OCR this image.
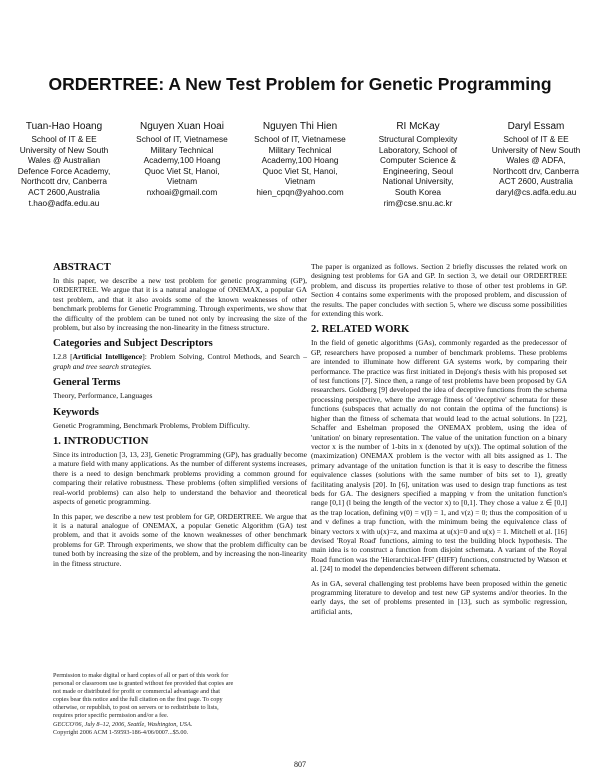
ORDERTREE: A New Test Problem for Genetic Programming
Tuan-Hao Hoang
School of IT & EE
University of New South
Wales @ Australian
Defence Force Academy,
Northcott drv, Canberra
ACT 2600,Australia
t.hao@adfa.edu.au
Nguyen Xuan Hoai
School of IT, Vietnamese
Military Technical
Academy,100 Hoang
Quoc Viet St, Hanoi,
Vietnam
nxhoai@gmail.com
Nguyen Thi Hien
School of IT, Vietnamese
Military Technical
Academy,100 Hoang
Quoc Viet St, Hanoi,
Vietnam
hien_cpqn@yahoo.com
RI McKay
Structural Complexity
Laboratory, School of
Computer Science &
Engineering, Seoul
National University,
South Korea
rim@cse.snu.ac.kr
Daryl Essam
School of IT & EE
University of New South
Wales @ ADFA,
Northcott drv, Canberra
ACT 2600, Australia
daryl@cs.adfa.edu.au
ABSTRACT

In this paper, we describe a new test problem for genetic programming (GP), ORDERTREE. We argue that it is a natural analogue of ONEMAX, a popular GA test problem, and that it also avoids some of the known weaknesses of other benchmark problems for Genetic Programming. Through experiments, we show that the difficulty of the problem can be tuned not only by increasing the size of the problem, but also by increasing the non-linearity in the fitness structure.

Categories and Subject Descriptors

I.2.8 [Artificial Intelligence]: Problem Solving, Control Methods, and Search – graph and tree search strategies.

General Terms

Theory, Performance, Languages

Keywords

Genetic Programming, Benchmark Problems, Problem Difficulty.

1. INTRODUCTION

Since its introduction [3, 13, 23], Genetic Programming (GP), has gradually become a mature field with many applications. As the number of different systems increases, there is a need to design benchmark problems providing a common ground for comparing their relative robustness. These problems (often simplified versions of real-world problems) can also help to understand the behavior and theoretical aspects of genetic programming.

In this paper, we describe a new test problem for GP, ORDERTREE. We argue that it is a natural analogue of ONEMAX, a popular Genetic Algorithm (GA) test problem, and that it avoids some of the known weaknesses of other benchmark problems for GP. Through experiments, we show that the problem difficulty can be tuned both by increasing the size of the problem, and by increasing the non-linearity in the fitness structure.

Permission to make digital or hard copies of all or part of this work for
personal or classroom use is granted without fee provided that copies are
not made or distributed for profit or commercial advantage and that
copies bear this notice and the full citation on the first page. To copy
otherwise, or republish, to post on servers or to redistribute to lists,
requires prior specific permission and/or a fee.
GECCO'06, July 8–12, 2006, Seattle, Washington, USA.
Copyright 2006 ACM 1-59593-186-4/06/0007...$5.00.

The paper is organized as follows. Section 2 briefly discusses the related work on designing test problems for GA and GP. In section 3, we detail our ORDERTREE problem, and discuss its properties relative to those of other test problems in GP. Section 4 contains some experiments with the proposed problem, and discussion of the results. The paper concludes with section 5, where we discuss some possibilities for extending this work.

2. RELATED WORK

In the field of genetic algorithms (GAs), commonly regarded as the predecessor of GP, researchers have proposed a number of benchmark problems. These problems are intended to illuminate how different GA systems work, by comparing their performance. The practice was first initiated in Dejong's thesis with his proposed set of test functions [7]. Since then, a range of test problems have been proposed by GA researchers. Goldberg [9] developed the idea of deceptive functions from the schema processing perspective, where the average fitness of 'deceptive' schemata for these functions (subspaces that actually do not contain the optima of the functions) is higher than the fitness of schemata that would lead to the actual solutions. In [22], Schaffer and Eshelman proposed the ONEMAX problem, using the idea of 'unitation' on binary representation. The value of the unitation function on a binary vector x is the number of 1-bits in x (denoted by u(x)). The optimal solution of the (maximization) ONEMAX problem is the vector with all bits assigned as 1. The primary advantage of the unitation function is that it is easy to describe the fitness equivalence classes (solutions with the same number of bits set to 1), greatly facilitating analysis [20]. In [6], unitation was used to design trap functions as test beds for GA. The designers specified a mapping v from the unitation function's range [0,1] (l being the length of the vector x) to [0,1]. They chose a value z ∈ [0,l] as the trap location, defining v(0) = v(l) = 1, and v(z) = 0; thus the composition of u and v defines a trap function, with the minimum being the equivalence class of binary vectors x with u(x)=z, and maxima at u(x)=0 and u(x) = 1. Mitchell et al. [16] devised 'Royal Road' functions, aiming to test the building block hypothesis. The main idea is to construct a function from disjoint schemata. A variant of the Royal Road function was the 'Hierarchical-IFF' (HIFF) functions, constructed by Watson et al. [24] to model the dependencies between different schemata.

As in GA, several challenging test problems have been proposed within the genetic programming literature to develop and test new GP systems and/or theories. In the early days, the set of problems presented in [13], such as symbolic regression, artificial ants,

807
